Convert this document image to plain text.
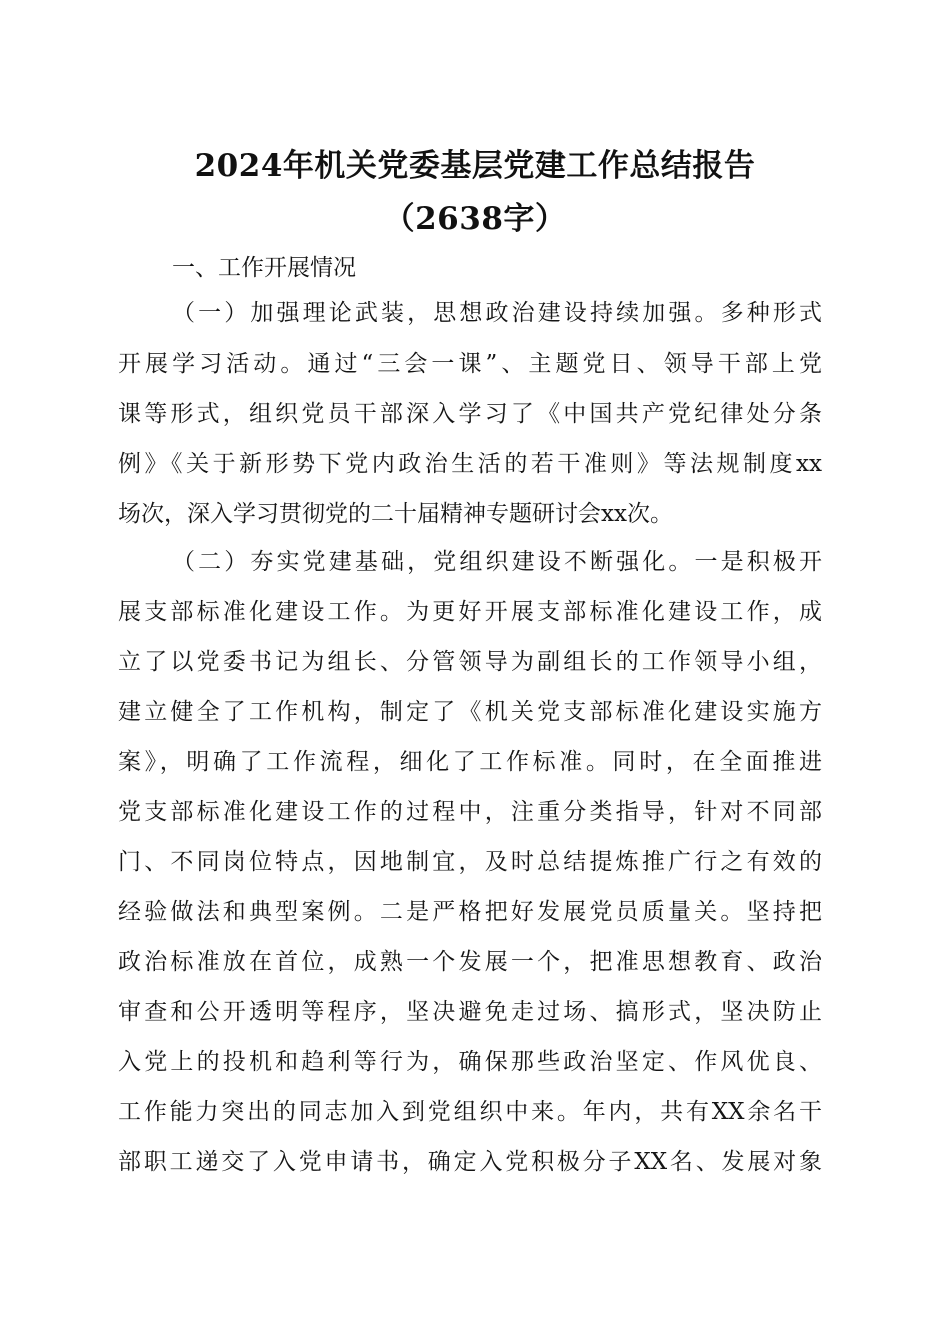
2024年机关党委基层党建工作总结报告
（2638字）
一、工作开展情况
（一）加强理论武装，思想政治建设持续加强。多种形式
开展学习活动。通过“三会一课”、主题党日、领导干部上党
课等形式，组织党员干部深入学习了《中国共产党纪律处分条
例》《关于新形势下党内政治生活的若干准则》等法规制度xx
场次，深入学习贯彻党的二十届精神专题研讨会xx次。
（二）夯实党建基础，党组织建设不断强化。一是积极开
展支部标准化建设工作。为更好开展支部标准化建设工作，成
立了以党委书记为组长、分管领导为副组长的工作领导小组，
建立健全了工作机构，制定了《机关党支部标准化建设实施方
案》，明确了工作流程，细化了工作标准。同时，在全面推进
党支部标准化建设工作的过程中，注重分类指导，针对不同部
门、不同岗位特点，因地制宜，及时总结提炼推广行之有效的
经验做法和典型案例。二是严格把好发展党员质量关。坚持把
政治标准放在首位，成熟一个发展一个，把准思想教育、政治
审查和公开透明等程序，坚决避免走过场、搞形式，坚决防止
入党上的投机和趋利等行为，确保那些政治坚定、作风优良、
工作能力突出的同志加入到党组织中来。年内，共有XX余名干
部职工递交了入党申请书，确定入党积极分子XX名、发展对象
